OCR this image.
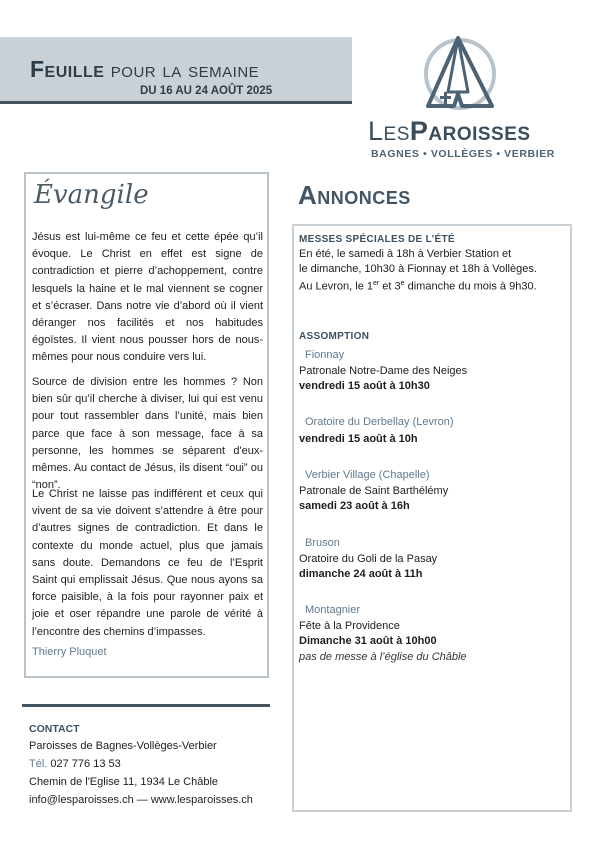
Feuille pour la semaine
DU 16 AU 24 AOÛT 2025
LesParoisses
BAGNES • VOLLÈGES • VERBIER
Évangile
Jésus est lui-même ce feu et cette épée qu’il évoque. Le Christ en effet est signe de contradiction et pierre d’achoppement, contre lesquels la haine et le mal viennent se cogner et s’écraser. Dans notre vie d’abord où il vient déranger nos facilités et nos habitudes égoïstes. Il vient nous pousser hors de nous-mêmes pour nous conduire vers lui.
Source de division entre les hommes ? Non bien sûr qu’il cherche à diviser, lui qui est venu pour tout rassembler dans l’unité, mais bien parce que face à son message, face à sa personne, les hommes se séparent d'eux-mêmes. Au contact de Jésus, ils disent “oui” ou “non”.
Le Christ ne laisse pas indifférent et ceux qui vivent de sa vie doivent s’attendre à être pour d’autres signes de contradiction. Et dans le contexte du monde actuel, plus que jamais sans doute. Demandons ce feu de l’Esprit Saint qui emplissait Jésus. Que nous ayons sa force paisible, à la fois pour rayonner paix et joie et oser répandre une parole de vérité à l’encontre des chemins d’impasses.
Thierry Pluquet
Annonces
MESSES SPÉCIALES DE L’ÉTÉ
En été, le samedi à 18h à Verbier Station et
le dimanche, 10h30 à Fionnay et 18h à Vollèges.
Au Levron, le 1er et 3e dimanche du mois à 9h30.
ASSOMPTION
Fionnay
Patronale Notre-Dame des Neiges
vendredi 15 août à 10h30
Oratoire du Derbellay (Levron)
vendredi 15 août à 10h
Verbier Village (Chapelle)
Patronale de Saint Barthélémy
samedi 23 août à 16h
Bruson
Oratoire du Goli de la Pasay
dimanche 24 août à 11h
Montagnier
Fête à la Providence
Dimanche 31 août à 10h00
pas de messe à l’église du Châble
CONTACT
Paroisses de Bagnes-Vollèges-Verbier
Tél. 027 776 13 53
Chemin de l'Eglise 11, 1934 Le Châble
info@lesparoisses.ch — www.lesparoisses.ch
